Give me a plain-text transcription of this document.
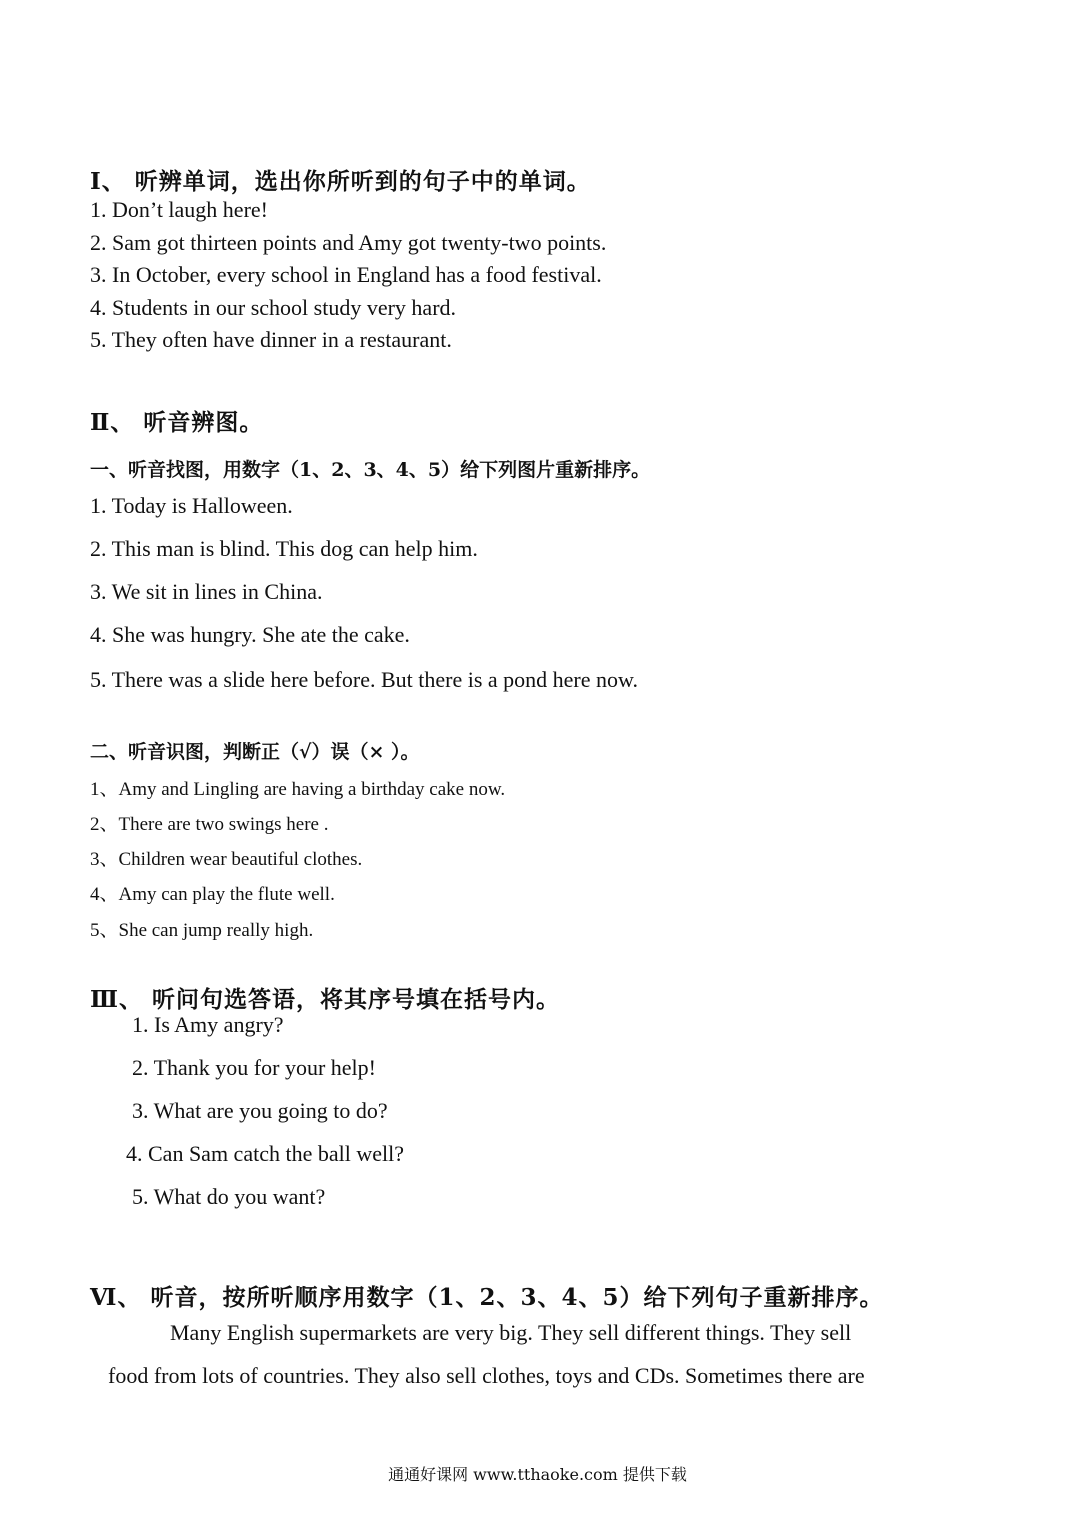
Ⅰ、 听辨单词，选出你所听到的句子中的单词。
1. Don’t laugh here!
2. Sam got thirteen points and Amy got twenty-two points.
3. In October, every school in England has a food festival.
4. Students in our school study very hard.
5. They often have dinner in a restaurant.
Ⅱ、 听音辨图。
一、听音找图，用数字（1、2、3、4、5）给下列图片重新排序。
1. Today is Halloween.
2. This man is blind. This dog can help him.
3. We sit in lines in China.
4. She was hungry. She ate the cake.
5. There was a slide here before. But there is a pond here now.
二、听音识图，判断正（√）误（× ）。
1、Amy and Lingling are having a birthday cake now.
2、There are two swings here .
3、Children wear beautiful clothes.
4、Amy can play the flute well.
5、She can jump really high.
Ⅲ、 听问句选答语，将其序号填在括号内。
1. Is Amy angry?
2. Thank you for your help!
3. What are you going to do?
4. Can Sam catch the ball well?
5. What do you want?
Ⅵ、 听音，按所听顺序用数字（1、2、3、4、5）给下列句子重新排序。
Many English supermarkets are very big. They sell different things. They sell
food from lots of countries. They also sell clothes, toys and CDs. Sometimes there are
通通好课网 www.tthaoke.com 提供下载
